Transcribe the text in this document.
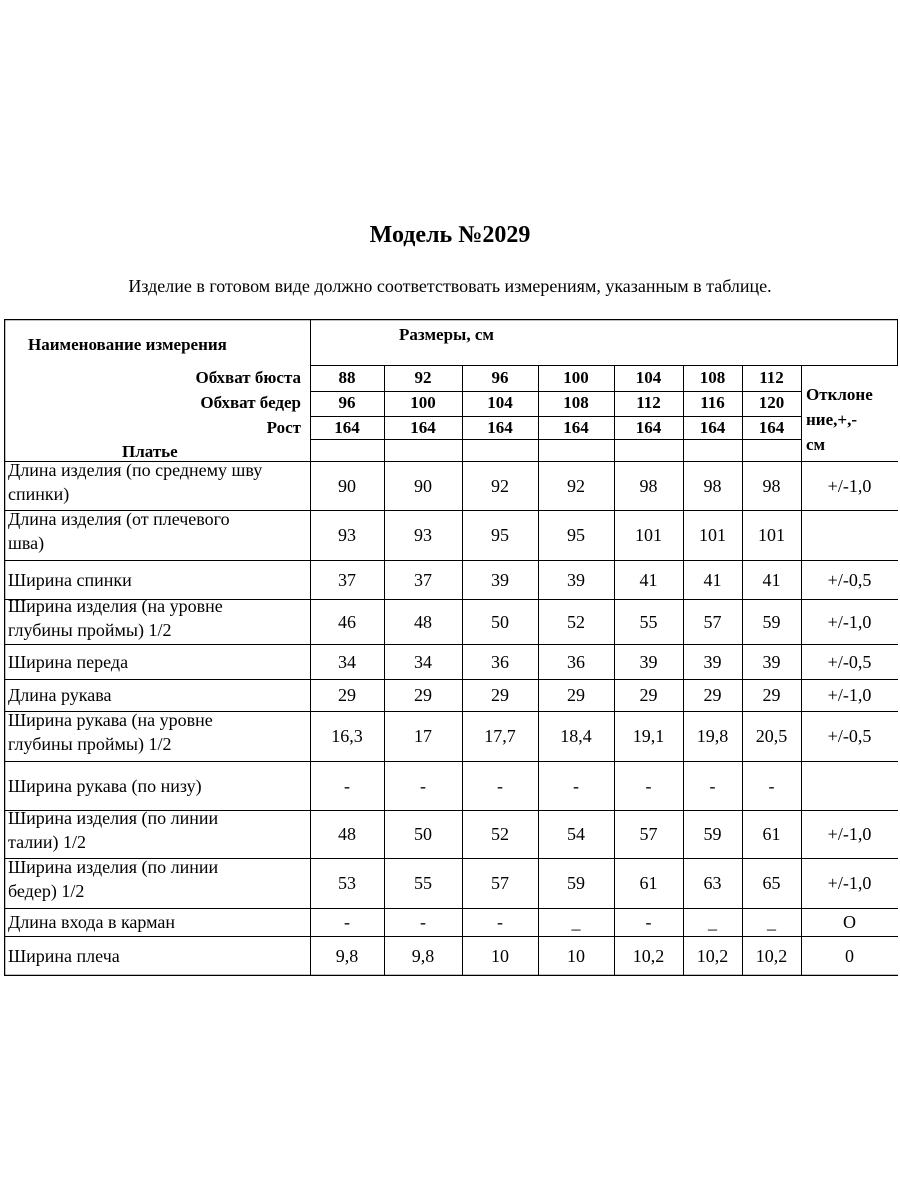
Модель №2029
Изделие в готовом виде должно соответствовать измерениям, указанным в таблице.
Наименование измерения
Размеры, см
Отклоне
ние,+,-
см
Обхват бюста	88	92	96	100	104	108	112
Обхват бедер	96	100	104	108	112	116	120
Рост	164	164	164	164	164	164	164
Платье
Длина изделия (по среднему шву
спинки)	90	90	92	92	98	98	98	+/-1,0
Длина изделия (от плечевого
шва)	93	93	95	95	101	101	101
Ширина спинки	37	37	39	39	41	41	41	+/-0,5
Ширина изделия (на уровне
глубины проймы) 1/2	46	48	50	52	55	57	59	+/-1,0
Ширина переда	34	34	36	36	39	39	39	+/-0,5
Длина рукава	29	29	29	29	29	29	29	+/-1,0
Ширина рукава (на уровне
глубины проймы) 1/2	16,3	17	17,7	18,4	19,1	19,8	20,5	+/-0,5
Ширина рукава (по низу)	-	-	-	-	-	-	-
Ширина изделия (по линии
талии) 1/2	48	50	52	54	57	59	61	+/-1,0
Ширина изделия (по линии
бедер) 1/2	53	55	57	59	61	63	65	+/-1,0
Длина входа в карман	-	-	-	_	-	_	_	О
Ширина плеча	9,8	9,8	10	10	10,2	10,2	10,2	0
